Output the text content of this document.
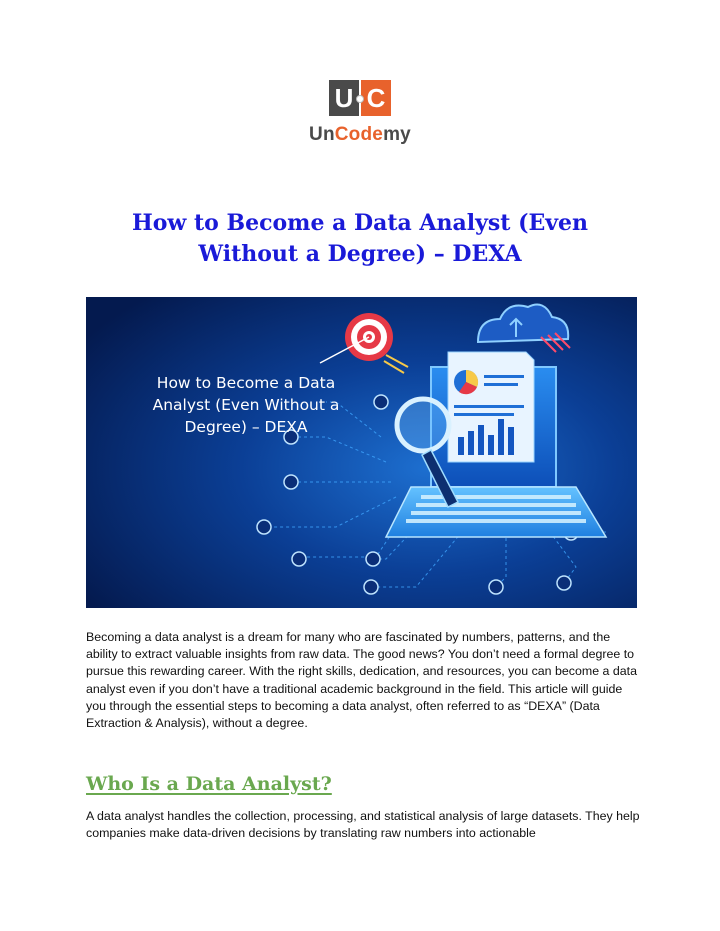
U C
UnCodemy
How to Become a Data Analyst (Even Without a Degree) – DEXA
How to Become a Data
Analyst (Even Without a
Degree) – DEXA

Becoming a data analyst is a dream for many who are fascinated by numbers, patterns, and the ability to extract valuable insights from raw data. The good news? You don’t need a formal degree to pursue this rewarding career. With the right skills, dedication, and resources, you can become a data analyst even if you don’t have a traditional academic background in the field. This article will guide you through the essential steps to becoming a data analyst, often referred to as “DEXA” (Data Extraction & Analysis), without a degree.

Who Is a Data Analyst?

A data analyst handles the collection, processing, and statistical analysis of large datasets. They help companies make data-driven decisions by translating raw numbers into actionable
